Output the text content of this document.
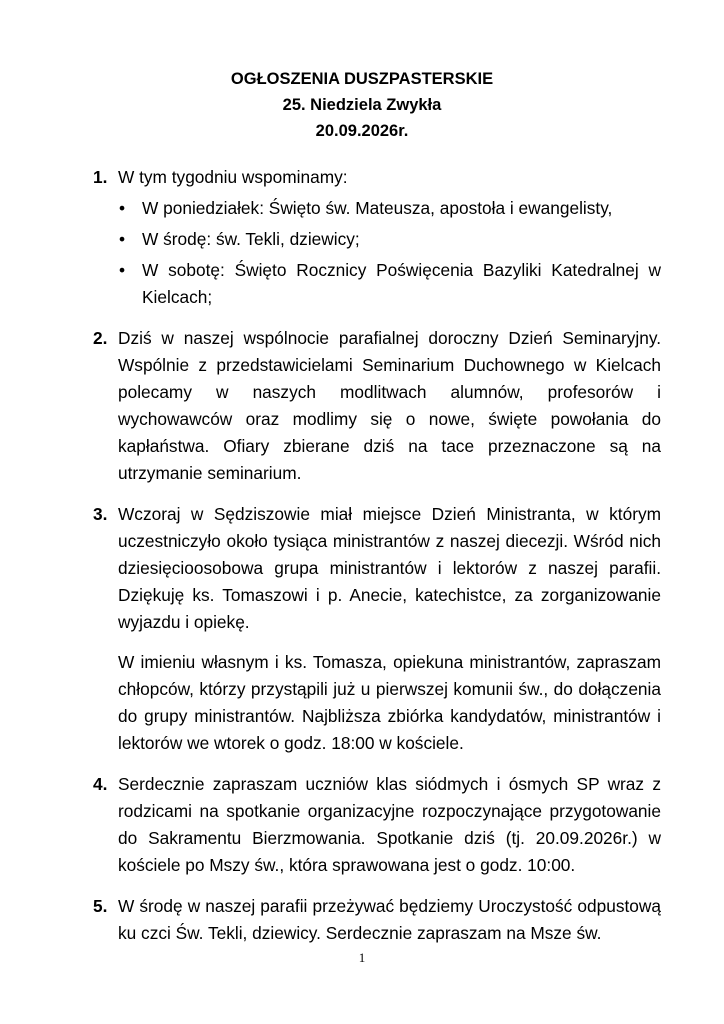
OGŁOSZENIA DUSZPASTERSKIE
25. Niedziela Zwykła
20.09.2026r.
1. W tym tygodniu wspominamy:

• W poniedziałek: Święto św. Mateusza, apostoła i ewangelisty,
• W środę: św. Tekli, dziewicy;
• W sobotę: Święto Rocznicy Poświęcenia Bazyliki Katedralnej w Kielcach;
2. Dziś w naszej wspólnocie parafialnej doroczny Dzień Seminaryjny. Wspólnie z przedstawicielami Seminarium Duchownego w Kielcach polecamy w naszych modlitwach alumnów, profesorów i wychowawców oraz modlimy się o nowe, święte powołania do kapłaństwa. Ofiary zbierane dziś na tace przeznaczone są na utrzymanie seminarium.

3. Wczoraj w Sędziszowie miał miejsce Dzień Ministranta, w którym uczestniczyło około tysiąca ministrantów z naszej diecezji. Wśród nich dziesięcioosobowa grupa ministrantów i lektorów z naszej parafii. Dziękuję ks. Tomaszowi i p. Anecie, katechistce, za zorganizowanie wyjazdu i opiekę.

W imieniu własnym i ks. Tomasza, opiekuna ministrantów, zapraszam chłopców, którzy przystąpili już u pierwszej komunii św., do dołączenia do grupy ministrantów. Najbliższa zbiórka kandydatów, ministrantów i lektorów we wtorek o godz. 18:00 w kościele.

4. Serdecznie zapraszam uczniów klas siódmych i ósmych SP wraz z rodzicami na spotkanie organizacyjne rozpoczynające przygotowanie do Sakramentu Bierzmowania. Spotkanie dziś (tj. 20.09.2026r.) w kościele po Mszy św., która sprawowana jest o godz. 10:00.

5. W środę w naszej parafii przeżywać będziemy Uroczystość odpustową ku czci Św. Tekli, dziewicy. Serdecznie zapraszam na Msze św.

1
